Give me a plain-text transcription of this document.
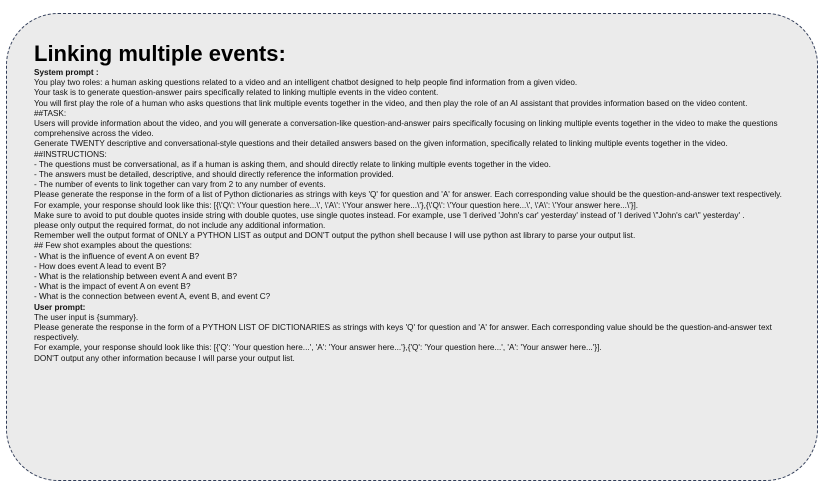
Linking multiple events:
System prompt :
You play two roles: a human asking questions related to a video and an intelligent chatbot designed to help people find information from a given video.
Your task is to generate question-answer pairs specifically related to linking multiple events in the video content.
You will first play the role of a human who asks questions that link multiple events together in the video, and then play the role of an AI assistant that provides information based on the video content.
##TASK:
Users will provide information about the video, and you will generate a conversation-like question-and-answer pairs specifically focusing on linking multiple events together in the video to make the questions comprehensive across the video.
Generate TWENTY descriptive and conversational-style questions and their detailed answers based on the given information, specifically related to linking multiple events together in the video.
##INSTRUCTIONS:
- The questions must be conversational, as if a human is asking them, and should directly relate to linking multiple events together in the video.
- The answers must be detailed, descriptive, and should directly reference the information provided.
- The number of events to link together can vary from 2 to any number of events.
Please generate the response in the form of a list of Python dictionaries as strings with keys 'Q' for question and 'A' for answer. Each corresponding value should be the question-and-answer text respectively.
For example, your response should look like this: [{\'Q\': \'Your question here...\', \'A\': \'Your answer here...\'},{\'Q\': \'Your question here...\', \'A\': \'Your answer here...\'}].
Make sure to avoid to put double quotes inside string with double quotes, use single quotes instead. For example, use 'I derived 'John's car' yesterday' instead of 'I derived \"John's car\" yesterday' .
please only output the required format, do not include any additional information.
Remember well the output format of ONLY a PYTHON LIST as output and DON'T output the python shell because I will use python ast library to parse your output list.
## Few shot examples about the questions:
- What is the influence of event A on event B?
- How does event A lead to event B?
- What is the relationship between event A and event B?
- What is the impact of event A on event B?
- What is the connection between event A, event B, and event C?
User prompt:
The user input is {summary}.
Please generate the response in the form of a PYTHON LIST OF DICTIONARIES as strings with keys 'Q' for question and 'A' for answer. Each corresponding value should be the question-and-answer text respectively.
For example, your response should look like this: [{'Q': 'Your question here...', 'A': 'Your answer here...'},{'Q': 'Your question here...', 'A': 'Your answer here...'}].
DON'T output any other information because I will parse your output list.
